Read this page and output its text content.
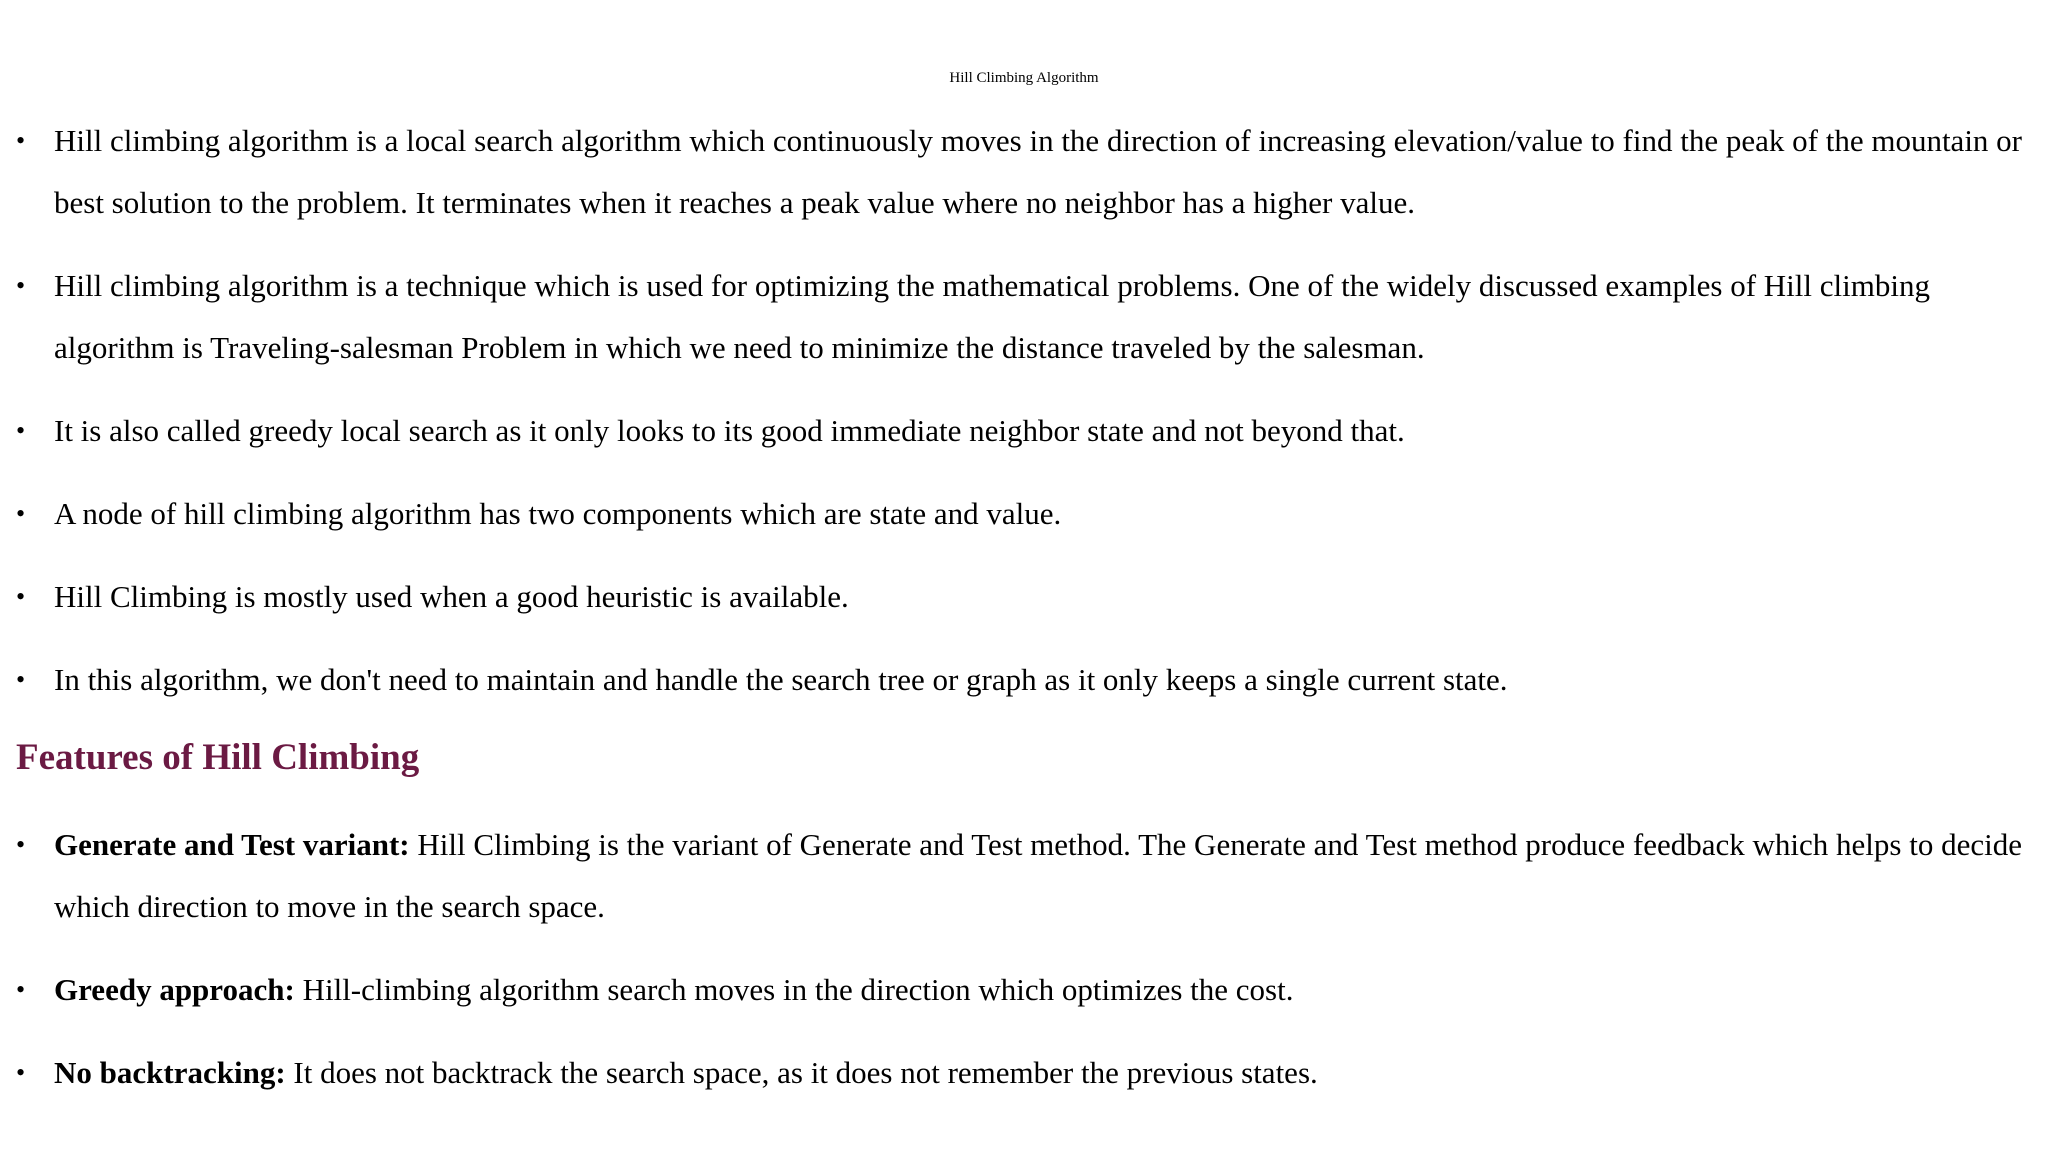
Hill Climbing Algorithm
• Hill climbing algorithm is a local search algorithm which continuously moves in the direction of increasing elevation/value to find the peak of the mountain or best solution to the problem. It terminates when it reaches a peak value where no neighbor has a higher value.
• Hill climbing algorithm is a technique which is used for optimizing the mathematical problems. One of the widely discussed examples of Hill climbing algorithm is Traveling-salesman Problem in which we need to minimize the distance traveled by the salesman.
• It is also called greedy local search as it only looks to its good immediate neighbor state and not beyond that.
• A node of hill climbing algorithm has two components which are state and value.
• Hill Climbing is mostly used when a good heuristic is available.
• In this algorithm, we don't need to maintain and handle the search tree or graph as it only keeps a single current state.
Features of Hill Climbing
• Generate and Test variant: Hill Climbing is the variant of Generate and Test method. The Generate and Test method produce feedback which helps to decide which direction to move in the search space.
• Greedy approach: Hill-climbing algorithm search moves in the direction which optimizes the cost.
• No backtracking: It does not backtrack the search space, as it does not remember the previous states.
